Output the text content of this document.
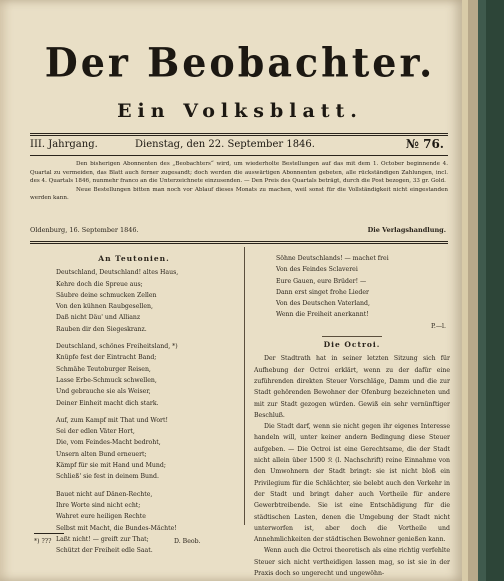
Der Beobachter.
Ein Volksblatt.
III. Jahrgang.	Dienstag, den 22. September 1846.	№ 76.

Den bisherigen Abonnenten des „Beobachters“ wird, um wiederholte Bestellungen auf das mit dem 1. October beginnende 4. Quartal zu vermeiden, das Blatt auch ferner zugesandt; doch werden die auswärtigen Abonnenten gebeten, alle rückständigen Zahlungen, incl. des 4. Quartals 1846, nunmehr franco an die Unterzeichnete einzusenden. — Den Preis des Quartals beträgt, durch die Post bezogen, 33 gr. Gold.

Neue Bestellungen bitten man noch vor Ablauf dieses Monats zu machen, weil sonst für die Vollständigkeit nicht eingestanden werden kann.

Oldenburg, 16. September 1846.	Die Verlagshandlung.
An Teutonien.
Deutschland, Deutschland! altes Haus,
Kehre doch die Spreue aus;
Säubre deine schmucken Zellen
Von den kühnen Raubgesellen,
Daß nicht Däu' und Allianz
Rauben dir den Siegeskranz.
Deutschland, schönes Freiheitsland, *)
Knüpfe fest der Eintracht Band;
Schmähe Teutoburger Reisen,
Lasse Erbe-Schmuck schwellen,
Und gebrauche sie als Weiser,
Deiner Einheit macht dich stark.
Auf, zum Kampf mit That und Wort!
Sei der edlen Väter Hort,
Die, vom Feindes-Macht bedroht,
Unsern alten Bund erneuert;
Kämpf für sie mit Hand und Mund;
Schließ' sie fest in deinem Bund.
Bauet nicht auf Dänen-Rechte,
Ihre Worte sind nicht echt;
Wahret eure heiligen Rechte
Selbst mit Macht, die Bundes-Mächte!
Laßt nicht! — greift zur That;
Schützt der Freiheit edle Saat.
*) ???	D. Beob.
Söhne Deutschlands! — machet frei
Von des Feindes Sclaverei
Eure Gauen, eure Brüder! —
Dann erst singet frohe Lieder
Von des Deutschen Vaterland,
Wenn die Freiheit anerkannt!
P.—l.
Die Octroi.
Der Stadtrath hat in seiner letzten Sitzung sich für Aufhebung der Octroi erklärt, wenn zu der dafür eine zuführenden direkten Steuer Vorschläge, Damm und die zur Stadt gehörenden Bewohner der Ofenburg bezeichneten und mit zur Stadt gezogen würden. Gewiß ein sehr vernünftiger Beschluß.
Die Stadt darf, wenn sie nicht gegen ihr eigenes Interesse handeln will, unter keiner andern Bedingung diese Steuer aufgeben. — Die Octroi ist eine Gerechtsame, die der Stadt nicht allein über 1500 ℛ (l. Nachschrift) reine Einnahme von den Umwohnern der Stadt bringt: sie ist nicht bloß ein Privilegium für die Schlächter, sie belebt auch den Verkehr in der Stadt und bringt daher auch Vortheile für andere Gewerbtreibende. Sie ist eine Entschädigung für die städtischen Lasten, denen die Umgebung der Stadt nicht unterworfen ist, aber doch die Vortheile und Annehmlichkeiten der städtischen Bewohner genießen kann.
Wenn auch die Octroi theoretisch als eine richtig verfehlte Steuer sich nicht vertheidigen lassen mag, so ist sie in der Praxis doch so ungerecht und ungewöhn-
